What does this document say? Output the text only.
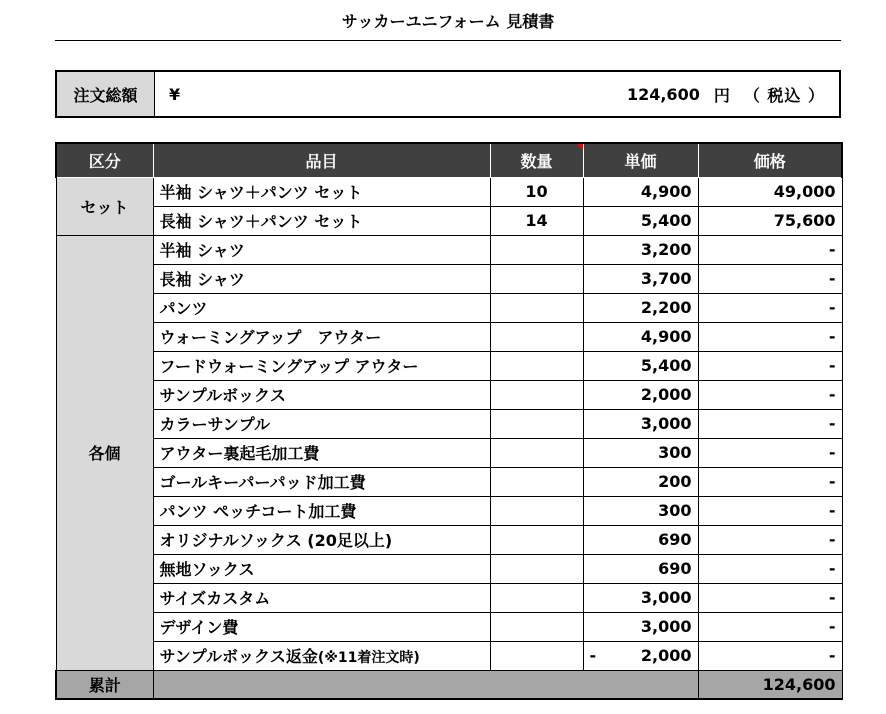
サッカーユニフォーム 見積書
注文総額	¥	124,600 円 （ 税込 ）
区分	品目	数量	単価	価格
セット	半袖 シャツ＋パンツ セット	10	4,900	49,000
	長袖 シャツ＋パンツ セット	14	5,400	75,600
各個	半袖 シャツ		3,200	-
	長袖 シャツ		3,700	-
	パンツ		2,200	-
	ウォーミングアップ　アウター		4,900	-
	フードウォーミングアップ アウター		5,400	-
	サンプルボックス		2,000	-
	カラーサンプル		3,000	-
	アウター裏起毛加工費		300	-
	ゴールキーパーパッド加工費		200	-
	パンツ ペッチコート加工費		300	-
	オリジナルソックス (20足以上)		690	-
	無地ソックス		690	-
	サイズカスタム		3,000	-
	デザイン費		3,000	-
	サンプルボックス返金(※11着注文時)		- 2,000	-
累計				124,600
